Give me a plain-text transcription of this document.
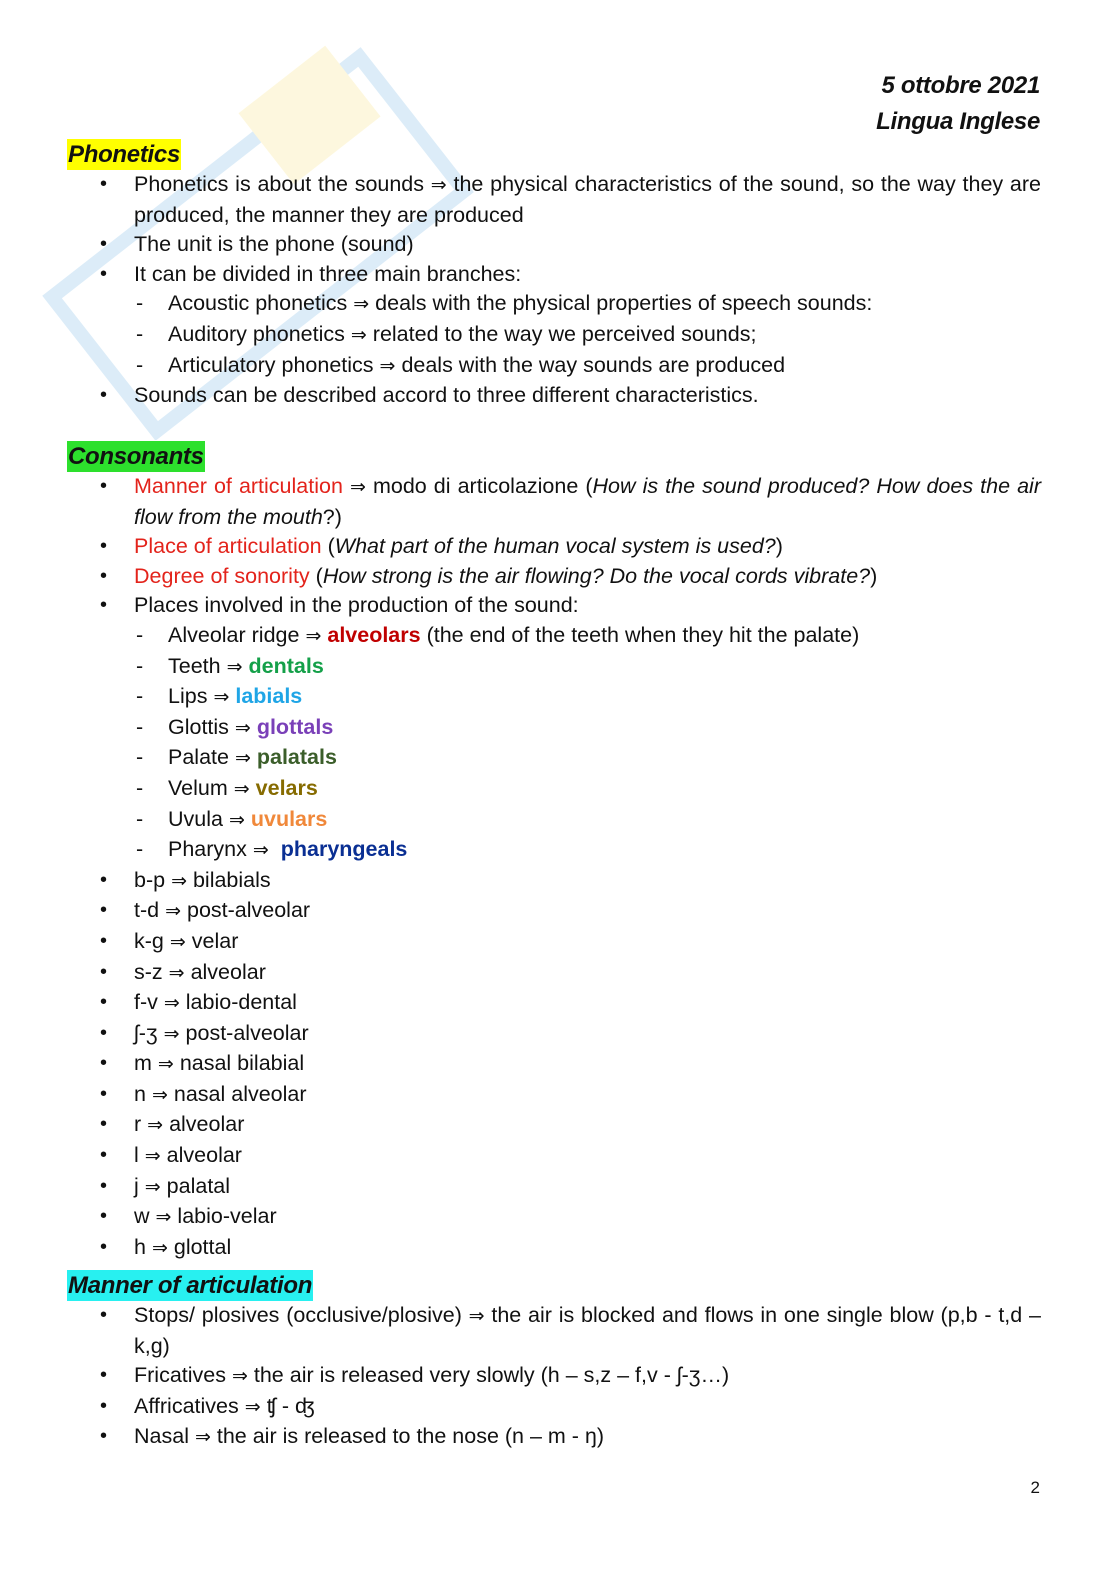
5 ottobre 2021
Lingua Inglese
Phonetics
• Phonetics is about the sounds ⇒ the physical characteristics of the sound, so the way they are produced, the manner they are produced
• The unit is the phone (sound)
• It can be divided in three main branches:
- Acoustic phonetics ⇒ deals with the physical properties of speech sounds:
- Auditory phonetics ⇒ related to the way we perceived sounds;
- Articulatory phonetics ⇒ deals with the way sounds are produced
• Sounds can be described accord to three different characteristics.
Consonants
• Manner of articulation ⇒ modo di articolazione (How is the sound produced? How does the air flow from the mouth?)
• Place of articulation (What part of the human vocal system is used?)
• Degree of sonority (How strong is the air flowing? Do the vocal cords vibrate?)
• Places involved in the production of the sound:
- Alveolar ridge ⇒ alveolars (the end of the teeth when they hit the palate)
- Teeth ⇒ dentals
- Lips ⇒ labials
- Glottis ⇒ glottals
- Palate ⇒ palatals
- Velum ⇒ velars
- Uvula ⇒ uvulars
- Pharynx ⇒ pharyngeals
• b-p ⇒ bilabials
• t-d ⇒ post-alveolar
• k-g ⇒ velar
• s-z ⇒ alveolar
• f-v ⇒ labio-dental
• ʃ-ʒ ⇒ post-alveolar
• m ⇒ nasal bilabial
• n ⇒ nasal alveolar
• r ⇒ alveolar
• l ⇒ alveolar
• j ⇒ palatal
• w ⇒ labio-velar
• h ⇒ glottal
Manner of articulation
• Stops/ plosives (occlusive/plosive) ⇒ the air is blocked and flows in one single blow (p,b - t,d – k,g)
• Fricatives ⇒ the air is released very slowly (h – s,z – f,v - ʃ-ʒ…)
• Affricatives ⇒ ʧ - ʤ
• Nasal ⇒ the air is released to the nose (n – m - ŋ)
2
